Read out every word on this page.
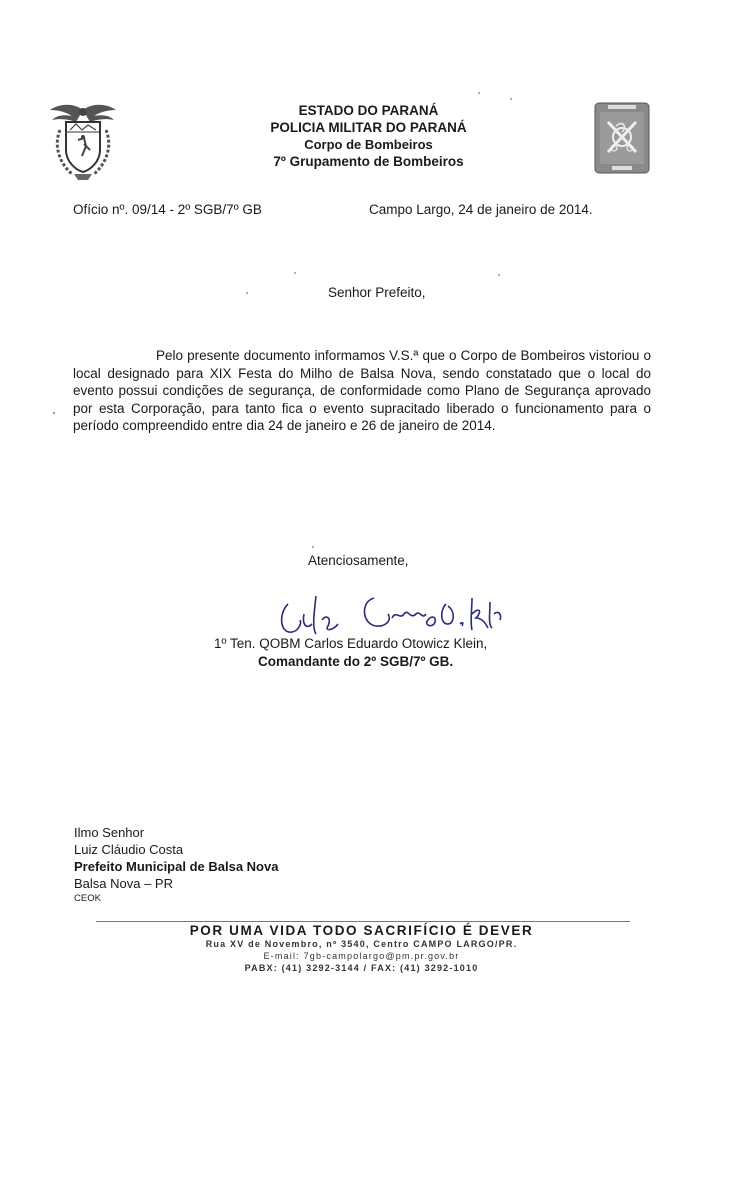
ESTADO DO PARANÁ
POLICIA MILITAR DO PARANÁ
Corpo de Bombeiros
7º Grupamento de Bombeiros
Ofício nº. 09/14 - 2º SGB/7º GB	Campo Largo, 24 de janeiro de 2014.
Senhor Prefeito,
Pelo presente documento informamos V.S.ª que o Corpo de Bombeiros vistoriou o local designado para XIX Festa do Milho de Balsa Nova, sendo constatado que o local do evento possui condições de segurança, de conformidade como Plano de Segurança aprovado por esta Corporação, para tanto fica o evento supracitado liberado o funcionamento para o período compreendido entre dia 24 de janeiro e 26 de janeiro de 2014.
Atenciosamente,
1º Ten. QOBM Carlos Eduardo Otowicz Klein,
Comandante do 2º SGB/7º GB.
Ilmo Senhor
Luiz Cláudio Costa
Prefeito Municipal de Balsa Nova
Balsa Nova – PR
CEOK
POR UMA VIDA TODO SACRIFÍCIO É DEVER
Rua XV de Novembro, nº 3540, Centro CAMPO LARGO/PR.
E-mail: 7gb-campolargo@pm.pr.gov.br
PABX: (41) 3292-3144 / FAX: (41) 3292-1010
